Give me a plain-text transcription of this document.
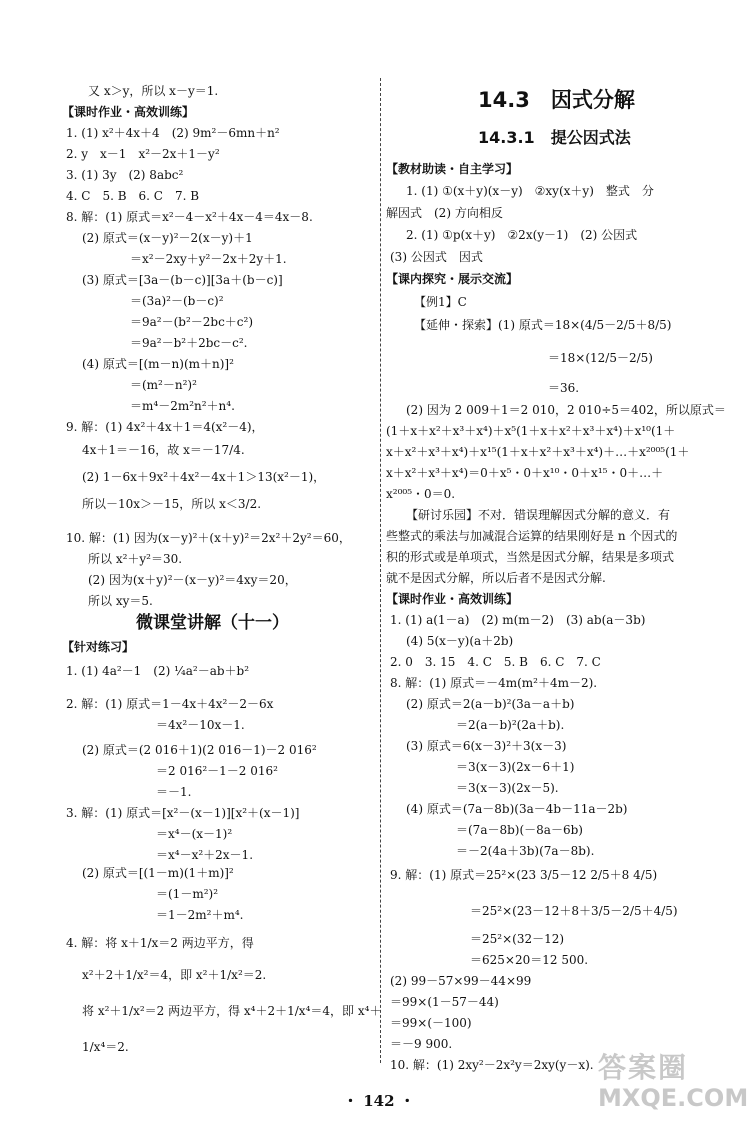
又 x＞y，所以 x－y＝1.
【课时作业・高效训练】
1. (1) x²＋4x＋4　(2) 9m²－6mn＋n²
2. y　x－1　x²－2x＋1－y²
3. (1) 3y　(2) 8abc²
4. C　5. B　6. C　7. B
8. 解：(1) 原式＝x²－4－x²＋4x－4＝4x－8.
(2) 原式＝(x－y)²－2(x－y)＋1
＝x²－2xy＋y²－2x＋2y＋1.
(3) 原式＝[3a－(b－c)][3a＋(b－c)]
＝(3a)²－(b－c)²
＝9a²－(b²－2bc＋c²)
＝9a²－b²＋2bc－c².
(4) 原式＝[(m－n)(m＋n)]²
＝(m²－n²)²
＝m⁴－2m²n²＋n⁴.
9. 解：(1) 4x²＋4x＋1＝4(x²－4)，
4x＋1＝－16，故 x＝－17/4.
(2) 1－6x＋9x²＋4x²－4x＋1＞13(x²－1)，
所以－10x＞－15，所以 x＜3/2.
10. 解：(1) 因为(x－y)²＋(x＋y)²＝2x²＋2y²＝60，
所以 x²＋y²＝30.
(2) 因为(x＋y)²－(x－y)²＝4xy＝20，
所以 xy＝5.
微课堂讲解（十一）
【针对练习】
1. (1) 4a²－1　(2) ¼a²－ab＋b²
2. 解：(1) 原式＝1－4x＋4x²－2－6x
＝4x²－10x－1.
(2) 原式＝(2 016＋1)(2 016－1)－2 016²
＝2 016²－1－2 016²
＝－1.
3. 解：(1) 原式＝[x²－(x－1)][x²＋(x－1)]
＝x⁴－(x－1)²
＝x⁴－x²＋2x－1.
(2) 原式＝[(1－m)(1＋m)]²
＝(1－m²)²
＝1－2m²＋m⁴.
4. 解：将 x＋1/x＝2 两边平方，得
x²＋2＋1/x²＝4，即 x²＋1/x²＝2.
将 x²＋1/x²＝2 两边平方，得 x⁴＋2＋1/x⁴＝4，即 x⁴＋
1/x⁴＝2.
14.3　因式分解
14.3.1　提公因式法
【教材助读・自主学习】
1. (1) ①(x＋y)(x－y)　②xy(x＋y)　整式　分
解因式　(2) 方向相反
2. (1) ①p(x＋y)　②2x(y－1)　(2) 公因式
(3) 公因式　因式
【课内探究・展示交流】
【例1】C
【延伸・探索】(1) 原式＝18×(4/5－2/5＋8/5)
＝18×(12/5－2/5)
＝36.
(2) 因为 2 009＋1＝2 010，2 010÷5＝402，所以原式＝
(1＋x＋x²＋x³＋x⁴)＋x⁵(1＋x＋x²＋x³＋x⁴)＋x¹⁰(1＋
x＋x²＋x³＋x⁴)＋x¹⁵(1＋x＋x²＋x³＋x⁴)＋…＋x²⁰⁰⁵(1＋
x＋x²＋x³＋x⁴)＝0＋x⁵・0＋x¹⁰・0＋x¹⁵・0＋…＋
x²⁰⁰⁵・0＝0.
【研讨乐园】不对．错误理解因式分解的意义．有
些整式的乘法与加减混合运算的结果刚好是 n 个因式的
积的形式或是单项式，当然是因式分解，结果是多项式
就不是因式分解，所以后者不是因式分解.
【课时作业・高效训练】
1. (1) a(1－a)　(2) m(m－2)　(3) ab(a－3b)
(4) 5(x－y)(a＋2b)
2. 0　3. 15　4. C　5. B　6. C　7. C
8. 解：(1) 原式＝－4m(m²＋4m－2).
(2) 原式＝2(a－b)²(3a－a＋b)
＝2(a－b)²(2a＋b).
(3) 原式＝6(x－3)²＋3(x－3)
＝3(x－3)(2x－6＋1)
＝3(x－3)(2x－5).
(4) 原式＝(7a－8b)(3a－4b－11a－2b)
＝(7a－8b)(－8a－6b)
＝－2(4a＋3b)(7a－8b).
9. 解：(1) 原式＝25²×(23 3/5－12 2/5＋8 4/5)
＝25²×(23－12＋8＋3/5－2/5＋4/5)
＝25²×(32－12)
＝625×20＝12 500.
(2) 99－57×99－44×99
＝99×(1－57－44)
＝99×(－100)
＝－9 900.
10. 解：(1) 2xy²－2x²y＝2xy(y－x).
・ 142 ・
答案圈
MXQE.COM
